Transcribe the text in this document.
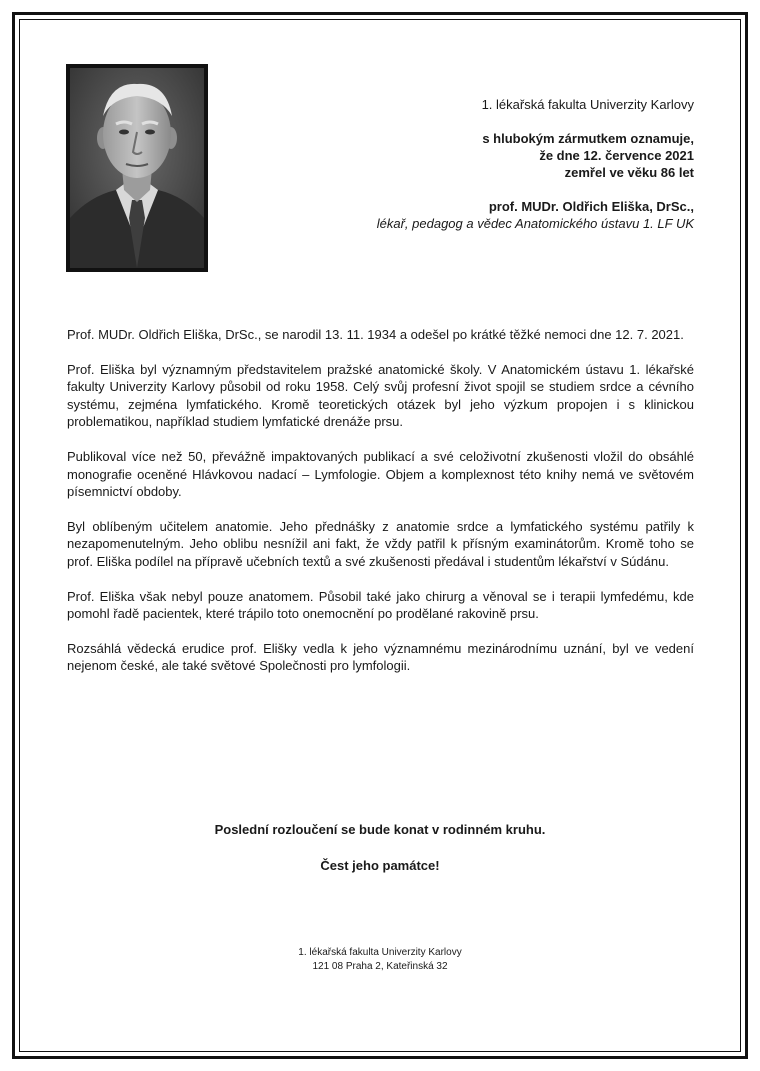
1. lékařská fakulta Univerzity Karlovy
s hlubokým zármutkem oznamuje,
že dne 12. července 2021
zemřel ve věku 86 let
prof. MUDr. Oldřich Eliška, DrSc.,
lékař, pedagog a vědec Anatomického ústavu 1. LF UK

Prof. MUDr. Oldřich Eliška, DrSc., se narodil 13. 11. 1934 a odešel po krátké těžké nemoci dne 12. 7. 2021.

Prof. Eliška byl významným představitelem pražské anatomické školy. V Anatomickém ústavu 1. lékařské fakulty Univerzity Karlovy působil od roku 1958. Celý svůj profesní život spojil se studiem srdce a cévního systému, zejména lymfatického. Kromě teoretických otázek byl jeho výzkum propojen i s klinickou problematikou, například studiem lymfatické drenáže prsu.

Publikoval více než 50, převážně impaktovaných publikací a své celoživotní zkušenosti vložil do obsáhlé monografie oceněné Hlávkovou nadací – Lymfologie. Objem a komplexnost této knihy nemá ve světovém písemnictví obdoby.

Byl oblíbeným učitelem anatomie. Jeho přednášky z anatomie srdce a lymfatického systému patřily k nezapomenutelným. Jeho oblibu nesnížil ani fakt, že vždy patřil k přísným examinátorům. Kromě toho se prof. Eliška podílel na přípravě učebních textů a své zkušenosti předával i studentům lékařství v Súdánu.

Prof. Eliška však nebyl pouze anatomem. Působil také jako chirurg a věnoval se i terapii lymfedému, kde pomohl řadě pacientek, které trápilo toto onemocnění po prodělané rakovině prsu.

Rozsáhlá vědecká erudice prof. Elišky vedla k jeho významnému mezinárodnímu uznání, byl ve vedení nejenom české, ale také světové Společnosti pro lymfologii.

Poslední rozloučení se bude konat v rodinném kruhu.

Čest jeho památce!

1. lékařská fakulta Univerzity Karlovy
121 08 Praha 2, Kateřinská 32
